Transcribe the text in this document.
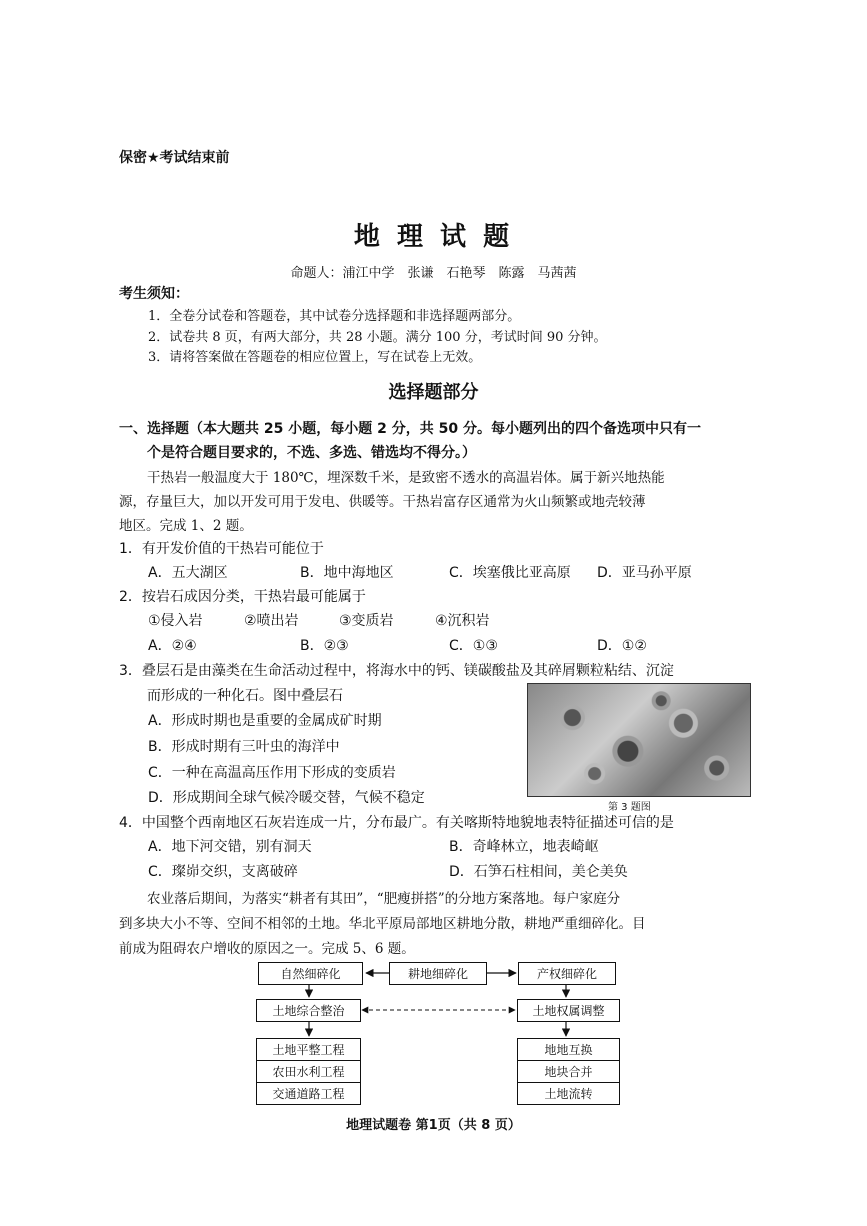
保密★考试结束前
地 理 试 题
命题人：浦江中学　张谦　石艳琴　陈露　马茜茜
考生须知：
1．全卷分试卷和答题卷，其中试卷分选择题和非选择题两部分。
2．试卷共 8 页，有两大部分，共 28 小题。满分 100 分，考试时间 90 分钟。
3．请将答案做在答题卷的相应位置上，写在试卷上无效。
选择题部分
一、选择题（本大题共 25 小题，每小题 2 分，共 50 分。每小题列出的四个备选项中只有一
个是符合题目要求的，不选、多选、错选均不得分。）
干热岩一般温度大于 180℃，埋深数千米，是致密不透水的高温岩体。属于新兴地热能
源，存量巨大，加以开发可用于发电、供暖等。干热岩富存区通常为火山频繁或地壳较薄
地区。完成 1、2 题。
1．有开发价值的干热岩可能位于
A．五大湖区	B．地中海地区	C．埃塞俄比亚高原 D．亚马孙平原
2．按岩石成因分类，干热岩最可能属于
①侵入岩	②喷出岩	③变质岩	④沉积岩
A．②④	B．②③	C．①③	D．①②
3．叠层石是由藻类在生命活动过程中，将海水中的钙、镁碳酸盐及其碎屑颗粒粘结、沉淀
而形成的一种化石。图中叠层石
A．形成时期也是重要的金属成矿时期
B．形成时期有三叶虫的海洋中
C．一种在高温高压作用下形成的变质岩
D．形成期间全球气候冷暖交替，气候不稳定
第 3 题图
4．中国整个西南地区石灰岩连成一片，分布最广。有关喀斯特地貌地表特征描述可信的是
A．地下河交错，别有洞天	B．奇峰林立，地表崎岖
C．璨峁交织，支离破碎	D．石笋石柱相间，美仑美奂
农业落后期间，为落实“耕者有其田”，“肥瘦拼搭”的分地方案落地。每户家庭分
到多块大小不等、空间不相邻的土地。华北平原局部地区耕地分散，耕地严重细碎化。目
前成为阻碍农户增收的原因之一。完成 5、6 题。
自然细碎化	耕地细碎化	产权细碎化
土地综合整治	土地权属调整
土地平整工程
农田水利工程
交通道路工程
地地互换
地块合并
土地流转
地理试题卷 第1页（共 8 页）
